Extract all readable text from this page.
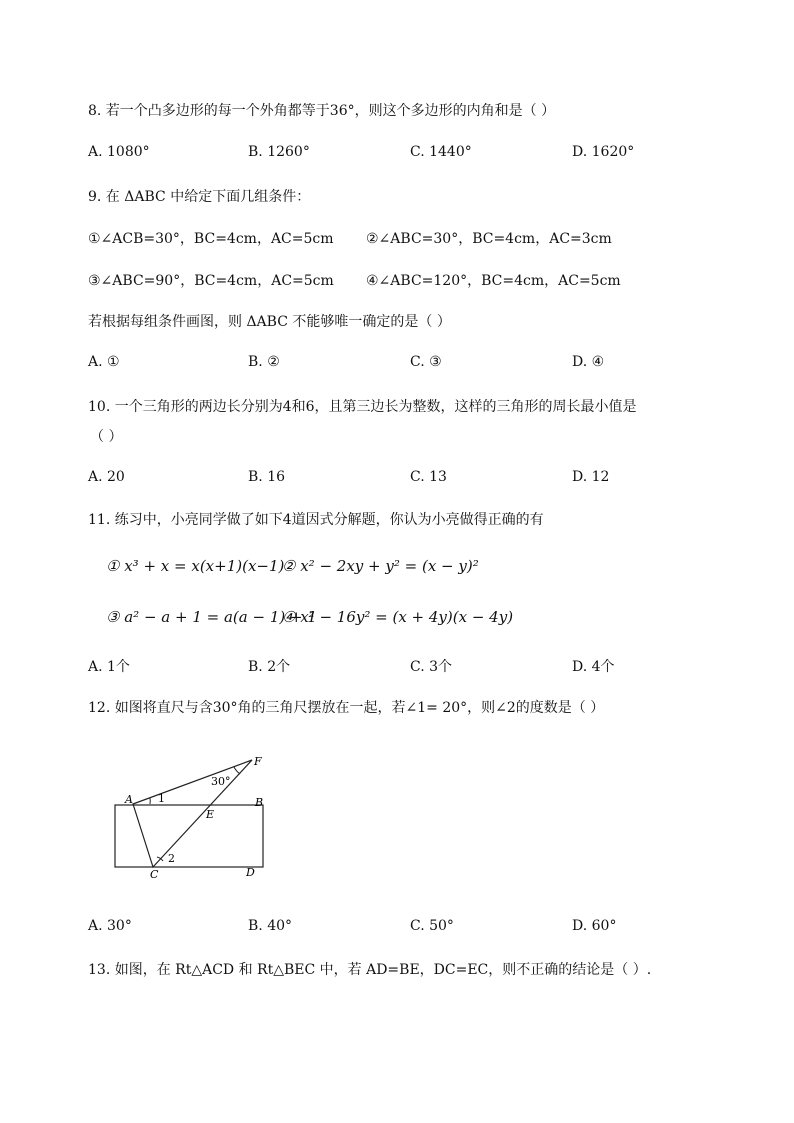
8. 若一个凸多边形的每一个外角都等于36°，则这个多边形的内角和是（ ）
A. 1080°	B. 1260°	C. 1440°	D. 1620°
9. 在 ΔABC 中给定下面几组条件：
①∠ACB=30°，BC=4cm，AC=5cm ②∠ABC=30°，BC=4cm，AC=3cm
③∠ABC=90°，BC=4cm，AC=5cm ④∠ABC=120°，BC=4cm，AC=5cm
若根据每组条件画图，则 ΔABC 不能够唯一确定的是（ ）
A. ①	B. ②	C. ③	D. ④
10. 一个三角形的两边长分别为4和6，且第三边长为整数，这样的三角形的周长最小值是
（ ）
A. 20	B. 16	C. 13	D. 12
11. 练习中，小亮同学做了如下4道因式分解题，你认为小亮做得正确的有
① x³ + x = x(x+1)(x−1)
② x² − 2xy + y² = (x − y)²
③ a² − a + 1 = a(a − 1) + 1
④ x² − 16y² = (x + 4y)(x − 4y)
A. 1个	B. 2个	C. 3个	D. 4个
12. 如图将直尺与含30°角的三角尺摆放在一起，若∠1= 20°，则∠2的度数是（ ）
A	B
C	D
E
F
1
2
30°
A. 30°	B. 40°	C. 50°	D. 60°
13. 如图，在 Rt△ACD 和 Rt△BEC 中，若 AD=BE，DC=EC，则不正确的结论是（ ）.
